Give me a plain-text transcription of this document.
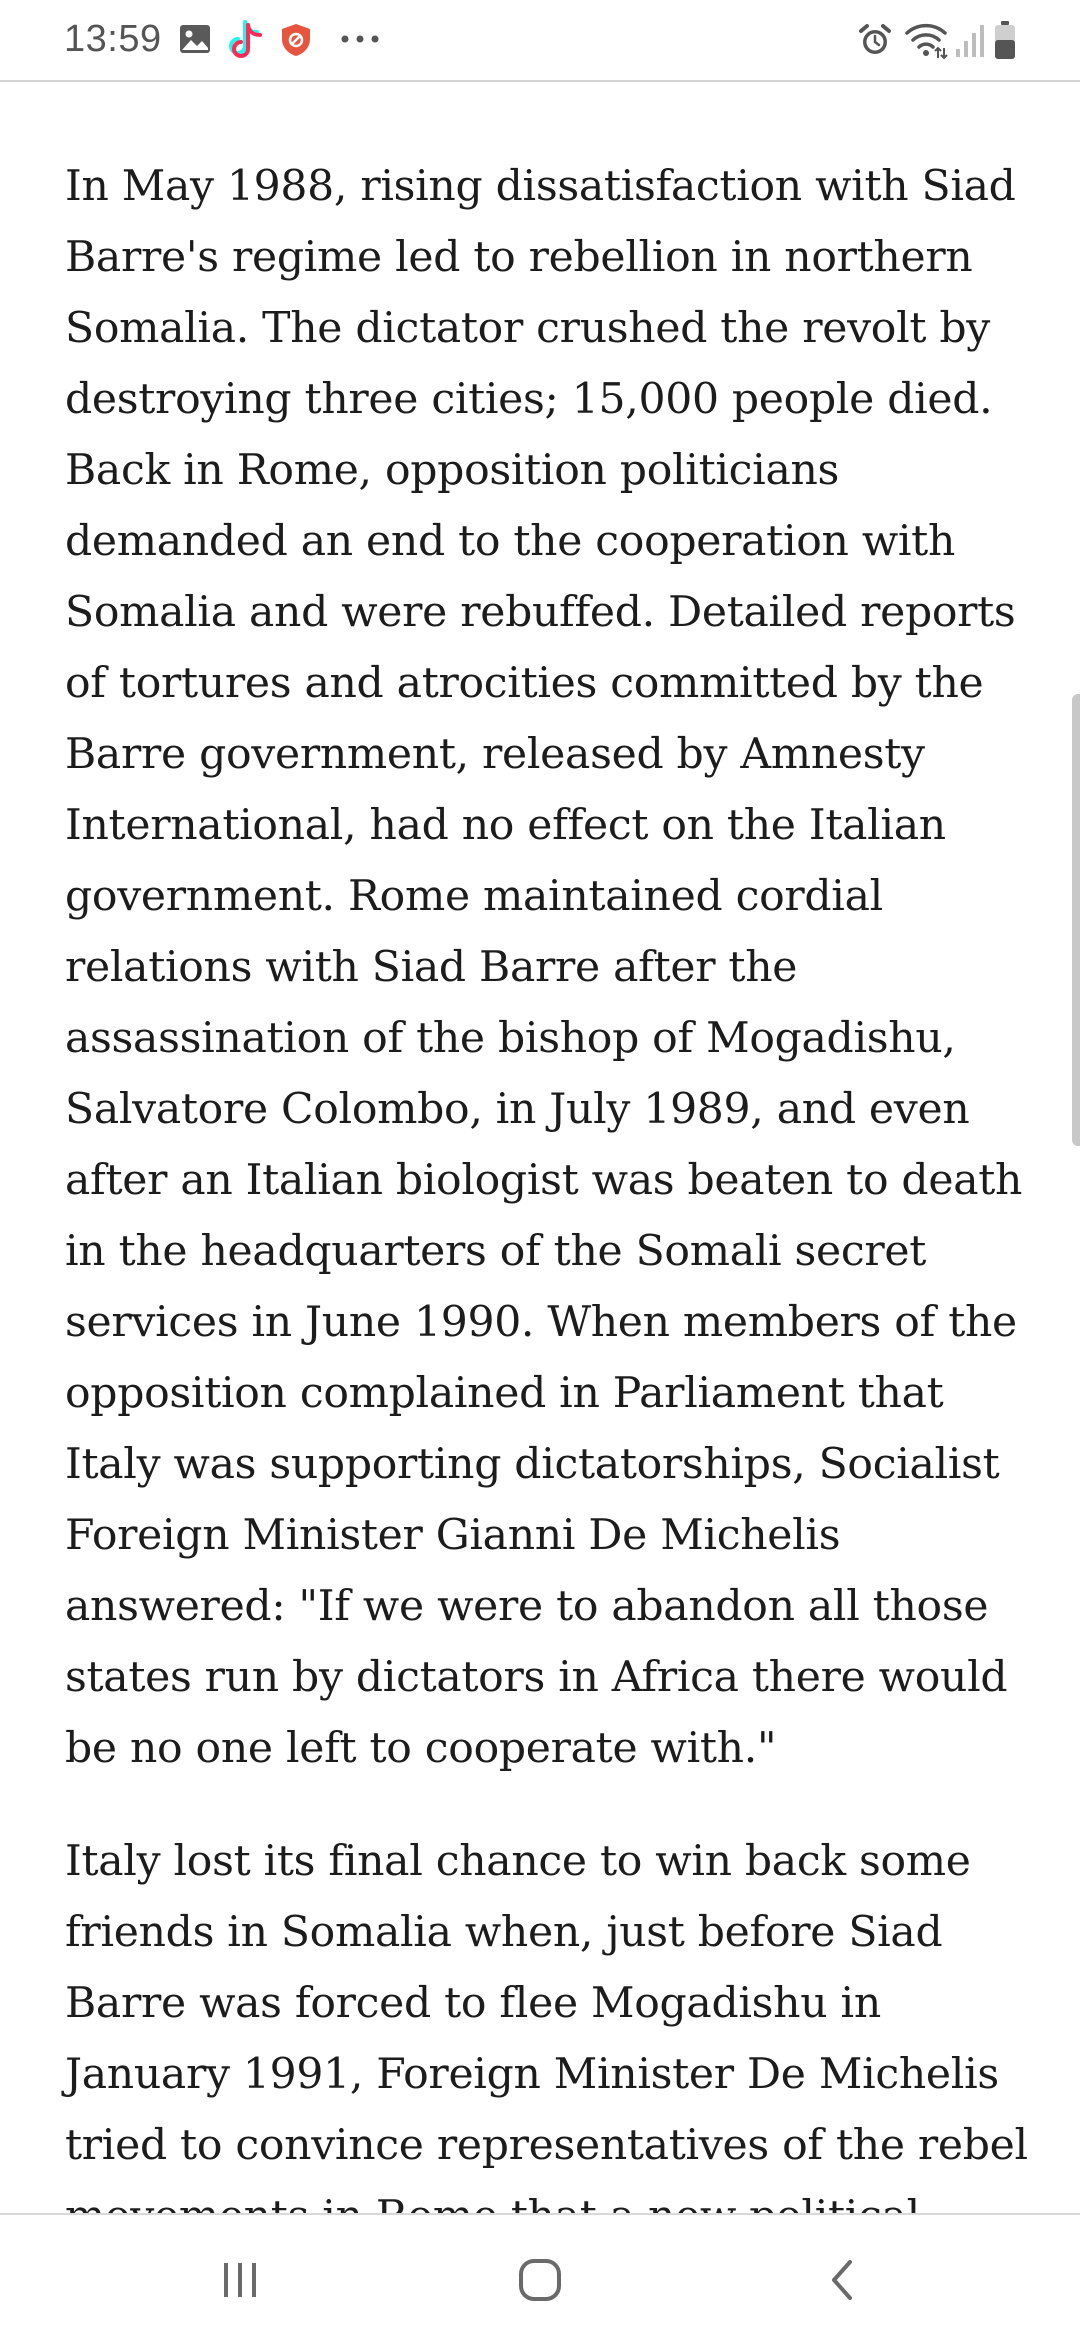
13:59

In May 1988, rising dissatisfaction with Siad Barre's regime led to rebellion in northern Somalia. The dictator crushed the revolt by destroying three cities; 15,000 people died. Back in Rome, opposition politicians demanded an end to the cooperation with Somalia and were rebuffed. Detailed reports of tortures and atrocities committed by the Barre government, released by Amnesty International, had no effect on the Italian government. Rome maintained cordial relations with Siad Barre after the assassination of the bishop of Mogadishu, Salvatore Colombo, in July 1989, and even after an Italian biologist was beaten to death in the headquarters of the Somali secret services in June 1990. When members of the opposition complained in Parliament that Italy was supporting dictatorships, Socialist Foreign Minister Gianni De Michelis answered: "If we were to abandon all those states run by dictators in Africa there would be no one left to cooperate with."

Italy lost its final chance to win back some friends in Somalia when, just before Siad Barre was forced to flee Mogadishu in January 1991, Foreign Minister De Michelis tried to convince representatives of the rebel
